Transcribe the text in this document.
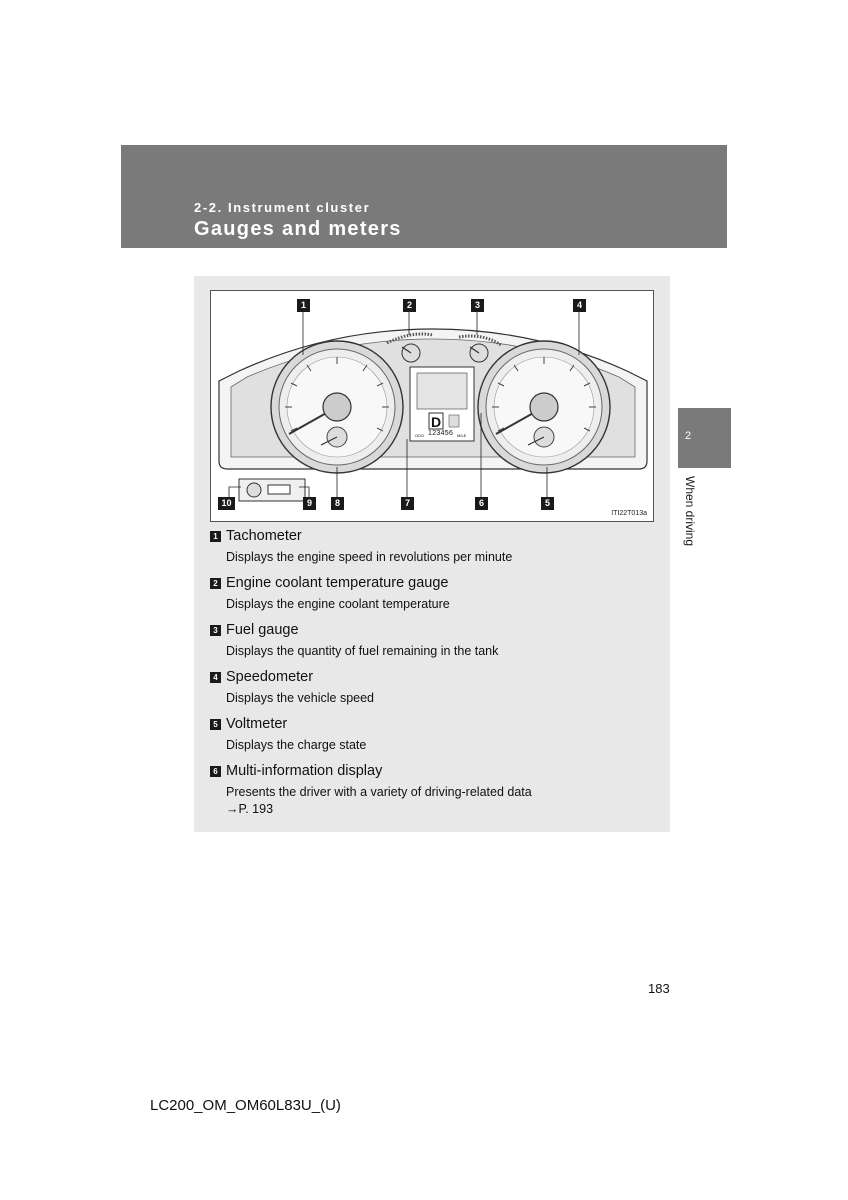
2-2. Instrument cluster
Gauges and meters
2
When driving
D
ODO 123456 MILE
1	2	3	4
5
6
7
8
9
10
ITI22T013a
1 Tachometer
Displays the engine speed in revolutions per minute
2 Engine coolant temperature gauge
Displays the engine coolant temperature
3 Fuel gauge
Displays the quantity of fuel remaining in the tank
4 Speedometer
Displays the vehicle speed
5 Voltmeter
Displays the charge state
6 Multi-information display
Presents the driver with a variety of driving-related data
→P. 193
183
LC200_OM_OM60L83U_(U)
